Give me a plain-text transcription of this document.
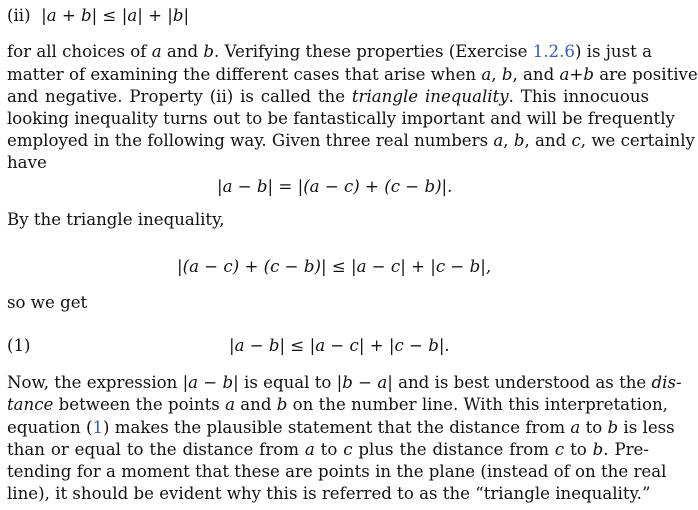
(ii) |a + b| ≤ |a| + |b|
for all choices of a and b. Verifying these properties (Exercise 1.2.6) is just a
matter of examining the different cases that arise when a, b, and a+b are positive
and negative. Property (ii) is called the triangle inequality. This innocuous
looking inequality turns out to be fantastically important and will be frequently
employed in the following way. Given three real numbers a, b, and c, we certainly
have
|a − b| = |(a − c) + (c − b)|.
By the triangle inequality,
|(a − c) + (c − b)| ≤ |a − c| + |c − b|,
so we get
(1)	|a − b| ≤ |a − c| + |c − b|.
Now, the expression |a − b| is equal to |b − a| and is best understood as the dis-
tance between the points a and b on the number line. With this interpretation,
equation (1) makes the plausible statement that the distance from a to b is less
than or equal to the distance from a to c plus the distance from c to b. Pre-
tending for a moment that these are points in the plane (instead of on the real
line), it should be evident why this is referred to as the “triangle inequality.”
